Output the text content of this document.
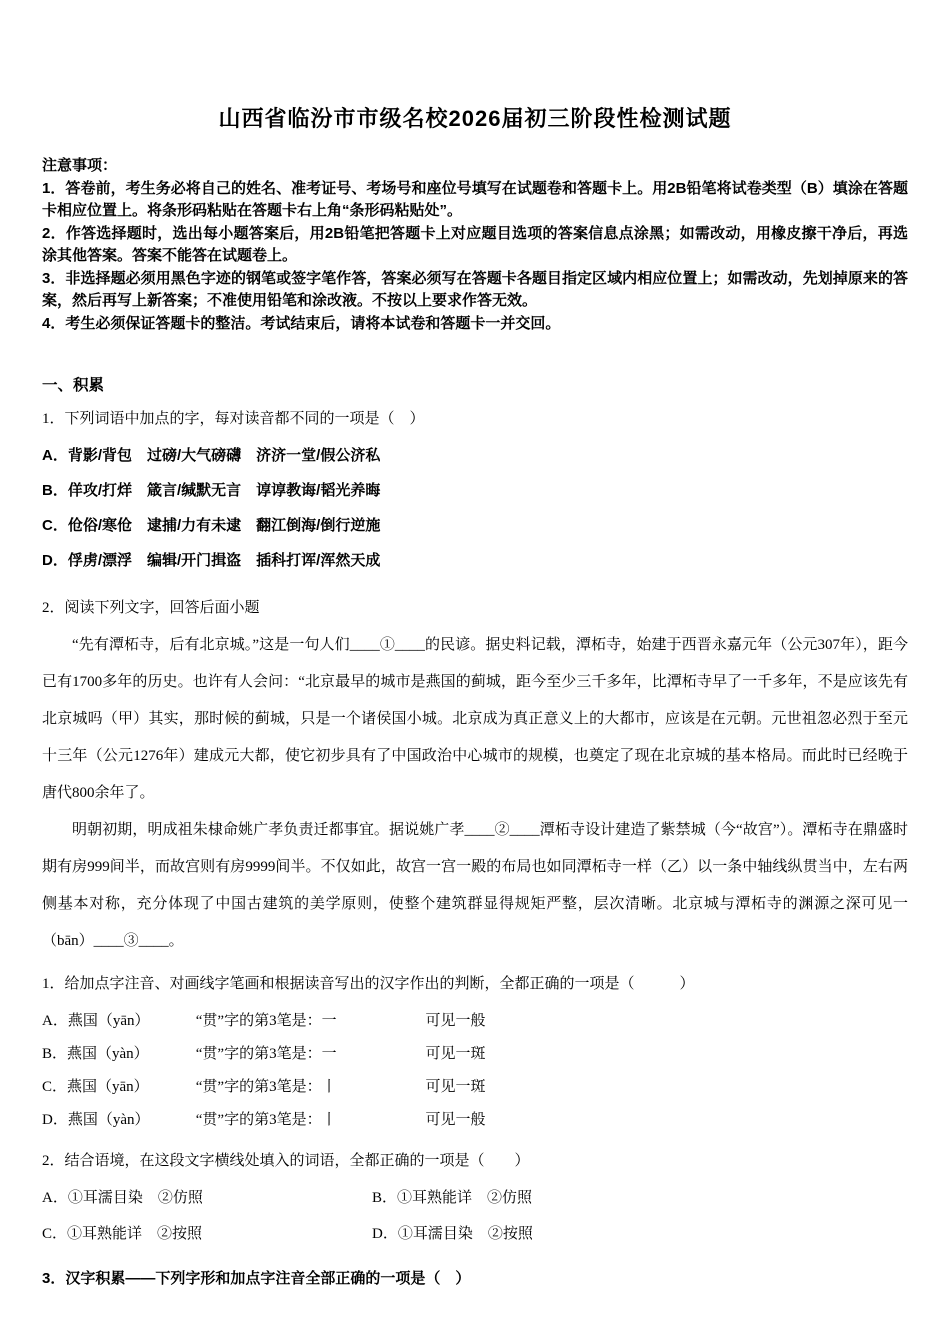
山西省临汾市市级名校2026届初三阶段性检测试题

注意事项：

1．答卷前，考生务必将自己的姓名、准考证号、考场号和座位号填写在试题卷和答题卡上。用2B铅笔将试卷类型（B）填涂在答题卡相应位置上。将条形码粘贴在答题卡右上角“条形码粘贴处”。

2．作答选择题时，选出每小题答案后，用2B铅笔把答题卡上对应题目选项的答案信息点涂黑；如需改动，用橡皮擦干净后，再选涂其他答案。答案不能答在试题卷上。

3．非选择题必须用黑色字迹的钢笔或签字笔作答，答案必须写在答题卡各题目指定区域内相应位置上；如需改动，先划掉原来的答案，然后再写上新答案；不准使用铅笔和涂改液。不按以上要求作答无效。

4．考生必须保证答题卡的整洁。考试结束后，请将本试卷和答题卡一并交回。

一、积累

1．下列词语中加点的字，每对读音都不同的一项是（　）

A．背影/背包　过磅/大气磅礴　济济一堂/假公济私

B．佯攻/打烊　箴言/缄默无言　谆谆教诲/韬光养晦

C．伧俗/寒伧　逮捕/力有未逮　翻江倒海/倒行逆施

D．俘虏/漂浮　编辑/开门揖盗　插科打诨/浑然天成

2．阅读下列文字，回答后面小题

“先有潭柘寺，后有北京城。”这是一句人们____①____的民谚。据史料记载，潭柘寺，始建于西晋永嘉元年（公元307年），距今已有1700多年的历史。也许有人会问：“北京最早的城市是燕国的蓟城，距今至少三千多年，比潭柘寺早了一千多年，不是应该先有北京城吗（甲）其实，那时候的蓟城，只是一个诸侯国小城。北京成为真正意义上的大都市，应该是在元朝。元世祖忽必烈于至元十三年（公元1276年）建成元大都，使它初步具有了中国政治中心城市的规模，也奠定了现在北京城的基本格局。而此时已经晚于唐代800余年了。

明朝初期，明成祖朱棣命姚广孝负责迁都事宜。据说姚广孝____②____潭柘寺设计建造了紫禁城（今“故宫”）。潭柘寺在鼎盛时期有房999间半，而故宫则有房9999间半。不仅如此，故宫一宫一殿的布局也如同潭柘寺一样（乙）以一条中轴线纵贯当中，左右两侧基本对称，充分体现了中国古建筑的美学原则，使整个建筑群显得规矩严整，层次清晰。北京城与潭柘寺的渊源之深可见一（bān）____③____。

1．给加点字注音、对画线字笔画和根据读音写出的汉字作出的判断，全都正确的一项是（　　　）

A．燕国（yān）	“贯”字的第3笔是：一	可见一般

B．燕国（yàn）	“贯”字的第3笔是：一	可见一斑

C．燕国（yān）	“贯”字的第3笔是：丨	可见一斑

D．燕国（yàn）	“贯”字的第3笔是：丨	可见一般

2．结合语境，在这段文字横线处填入的词语，全都正确的一项是（　　）

A．①耳濡目染　②仿照	B．①耳熟能详　②仿照

C．①耳熟能详　②按照	D．①耳濡目染　②按照

3．汉字积累——下列字形和加点字注音全部正确的一项是（　）
